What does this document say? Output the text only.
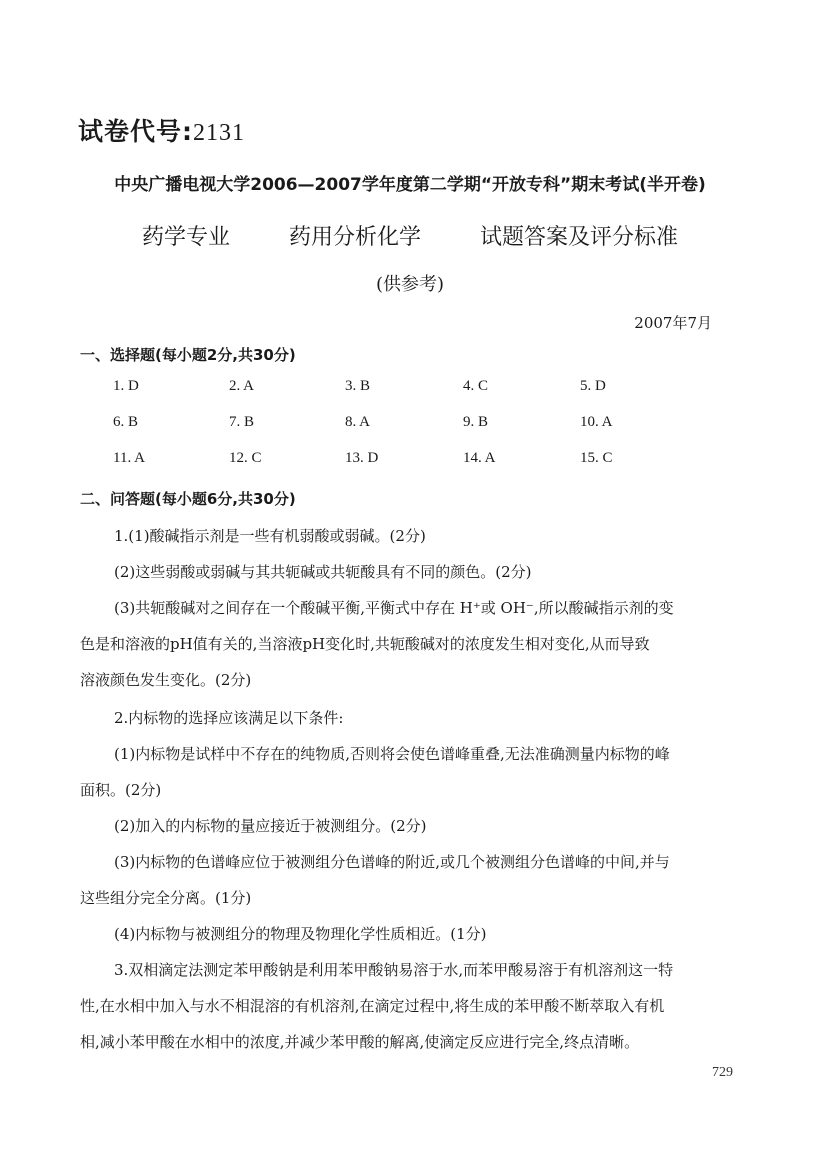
试卷代号:2131
中央广播电视大学2006—2007学年度第二学期“开放专科”期末考试(半开卷)
药学专业	药用分析化学	试题答案及评分标准
(供参考)
2007年7月
一、选择题(每小题2分,共30分)
1. D	2. A	3. B	4. C	5. D
6. B	7. B	8. A	9. B	10. A
11. A	12. C	13. D	14. A	15. C
二、问答题(每小题6分,共30分)
1.(1)酸碱指示剂是一些有机弱酸或弱碱。(2分)
(2)这些弱酸或弱碱与其共轭碱或共轭酸具有不同的颜色。(2分)
(3)共轭酸碱对之间存在一个酸碱平衡,平衡式中存在 H⁺或 OH⁻,所以酸碱指示剂的变
色是和溶液的pH值有关的,当溶液pH变化时,共轭酸碱对的浓度发生相对变化,从而导致
溶液颜色发生变化。(2分)
2.内标物的选择应该满足以下条件:
(1)内标物是试样中不存在的纯物质,否则将会使色谱峰重叠,无法准确测量内标物的峰
面积。(2分)
(2)加入的内标物的量应接近于被测组分。(2分)
(3)内标物的色谱峰应位于被测组分色谱峰的附近,或几个被测组分色谱峰的中间,并与
这些组分完全分离。(1分)
(4)内标物与被测组分的物理及物理化学性质相近。(1分)
3.双相滴定法测定苯甲酸钠是利用苯甲酸钠易溶于水,而苯甲酸易溶于有机溶剂这一特
性,在水相中加入与水不相混溶的有机溶剂,在滴定过程中,将生成的苯甲酸不断萃取入有机
相,减小苯甲酸在水相中的浓度,并减少苯甲酸的解离,使滴定反应进行完全,终点清晰。
729
